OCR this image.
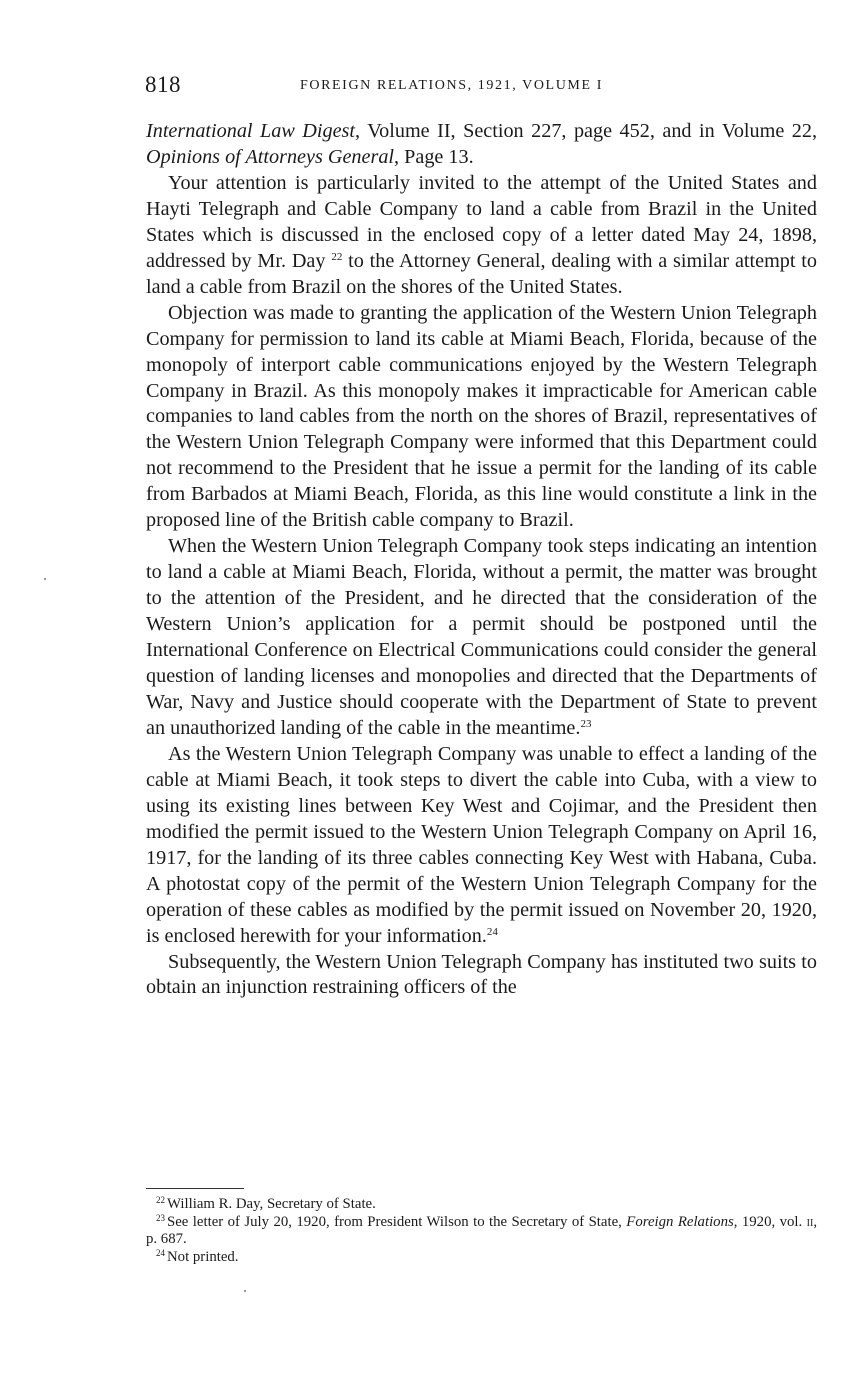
818	FOREIGN RELATIONS, 1921, VOLUME I

International Law Digest, Volume II, Section 227, page 452, and in Volume 22, Opinions of Attorneys General, Page 13.

Your attention is particularly invited to the attempt of the United States and Hayti Telegraph and Cable Company to land a cable from Brazil in the United States which is discussed in the enclosed copy of a letter dated May 24, 1898, addressed by Mr. Day $^{22}$ to the Attorney General, dealing with a similar attempt to land a cable from Brazil on the shores of the United States.

Objection was made to granting the application of the Western Union Telegraph Company for permission to land its cable at Miami Beach, Florida, because of the monopoly of interport cable communications enjoyed by the Western Telegraph Company in Brazil. As this monopoly makes it impracticable for American cable companies to land cables from the north on the shores of Brazil, representatives of the Western Union Telegraph Company were informed that this Department could not recommend to the President that he issue a permit for the landing of its cable from Barbados at Miami Beach, Florida, as this line would constitute a link in the proposed line of the British cable company to Brazil.

When the Western Union Telegraph Company took steps indicating an intention to land a cable at Miami Beach, Florida, without a permit, the matter was brought to the attention of the President, and he directed that the consideration of the Western Union’s application for a permit should be postponed until the International Conference on Electrical Communications could consider the general question of landing licenses and monopolies and directed that the Departments of War, Navy and Justice should cooperate with the Department of State to prevent an unauthorized landing of the cable in the meantime.$^{23}$

As the Western Union Telegraph Company was unable to effect a landing of the cable at Miami Beach, it took steps to divert the cable into Cuba, with a view to using its existing lines between Key West and Cojimar, and the President then modified the permit issued to the Western Union Telegraph Company on April 16, 1917, for the landing of its three cables connecting Key West with Habana, Cuba. A photostat copy of the permit of the Western Union Telegraph Company for the operation of these cables as modified by the permit issued on November 20, 1920, is enclosed herewith for your information.$^{24}$

Subsequently, the Western Union Telegraph Company has instituted two suits to obtain an injunction restraining officers of the

$^{22}$ William R. Day, Secretary of State.

$^{23}$ See letter of July 20, 1920, from President Wilson to the Secretary of State, Foreign Relations, 1920, vol. ii, p. 687.

$^{24}$ Not printed.
